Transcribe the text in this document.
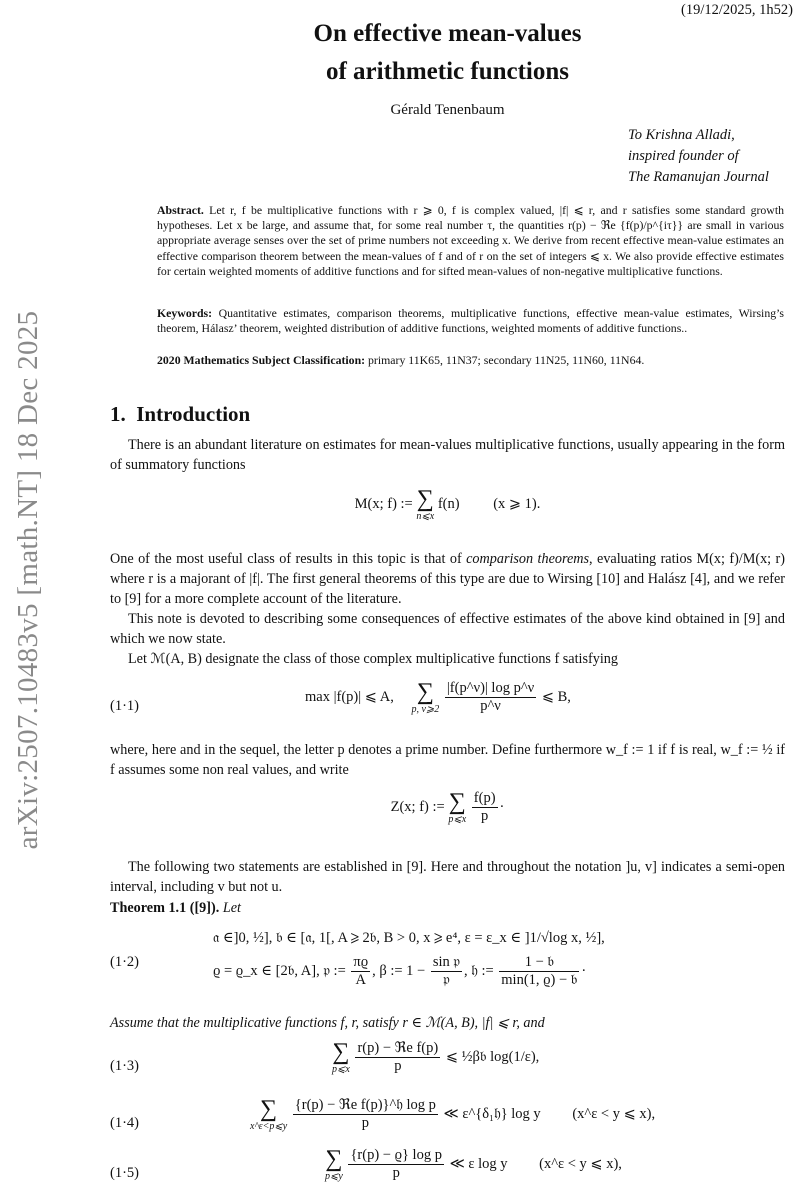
arXiv:2507.10483v5 [math.NT] 18 Dec 2025
(19/12/2025, 1h52)
On effective mean-values
of arithmetic functions
Gérald Tenenbaum
To Krishna Alladi,
inspired founder of
The Ramanujan Journal
Abstract. Let r, f be multiplicative functions with r ⩾ 0, f is complex valued, |f| ⩽ r, and r satisfies some standard growth hypotheses. Let x be large, and assume that, for some real number τ, the quantities r(p) − ℜe {f(p)/p^{iτ}} are small in various appropriate average senses over the set of prime numbers not exceeding x. We derive from recent effective mean-value estimates an effective comparison theorem between the mean-values of f and of r on the set of integers ⩽ x. We also provide effective estimates for certain weighted moments of additive functions and for sifted mean-values of non-negative multiplicative functions.
Keywords: Quantitative estimates, comparison theorems, multiplicative functions, effective mean-value estimates, Wirsing’s theorem, Hálasz’ theorem, weighted distribution of additive functions, weighted moments of additive functions..
2020 Mathematics Subject Classification: primary 11K65, 11N37; secondary 11N25, 11N60, 11N64.
1. Introduction
There is an abundant literature on estimates for mean-values multiplicative functions, usually appearing in the form of summatory functions
M(x; f) := ∑
n⩽x
f(n) (x ⩾ 1).
One of the most useful class of results in this topic is that of comparison theorems, evaluating ratios M(x; f)/M(x; r) where r is a majorant of |f|. The first general theorems of this type are due to Wirsing [10] and Halász [4], and we refer to [9] for a more complete account of the literature.
This note is devoted to describing some consequences of effective estimates of the above kind obtained in [9] and which we now state.
Let ℳ(A, B) designate the class of those complex multiplicative functions f satisfying
(1·1)
max |f(p)| ⩽ A, ∑
p, ν⩾2
$\frac{\text{|f(p\textasciicircum{}ν)| log p\textasciicircum{}ν}}{p\^{}\nu}$ ⩽ B,
where, here and in the sequel, the letter p denotes a prime number. Define furthermore w_f := 1 if f is real, w_f := ½ if f assumes some non real values, and write
Z(x; f) := ∑
p⩽x
$\frac{f(p)}{p}$ ·
The following two statements are established in [9]. Here and throughout the notation ]u, v] indicates a semi-open interval, including v but not u.
Theorem 1.1 ([9]). Let
(1·2)
𝔞 ∈]0, ½], 𝔟 ∈ [𝔞, 1[, A ⩾ 2𝔟, B > 0, x ⩾ e⁴, ε = ε_x ∈ ]1/√log x, ½],
ϱ = ϱ_x ∈ [2𝔟, A], 𝔭 := $\frac{\pi ϱ}{A}$ , β := $1 - \frac{\text{sin 𝔭}}{\text{𝔭}}$ , 𝔥 := $\frac{\text{1 − 𝔟}}{\text{min(1, ϱ) − 𝔟}}$ ·
Assume that the multiplicative functions f, r, satisfy r ∈ ℳ(A, B), |f| ⩽ r, and
(1·3)
∑
p⩽x
$\frac{\text{r(p) − ℜe f(p)}}{p}$ ⩽ ½β𝔟 log(1/ε),
(1·4)
∑
x^ε<p⩽y
$\frac{\text{\{r(p) − ℜe f(p)\}\textasciicircum{}𝔥 log p}}{p}$ ≪ ε^{δ₁𝔥} log y (x^ε < y ⩽ x),
(1·5)
∑
p⩽y
$\frac{\text{\{r(p) − ϱ\} log p}}{p}$ ≪ ε log y (x^ε < y ⩽ x),
